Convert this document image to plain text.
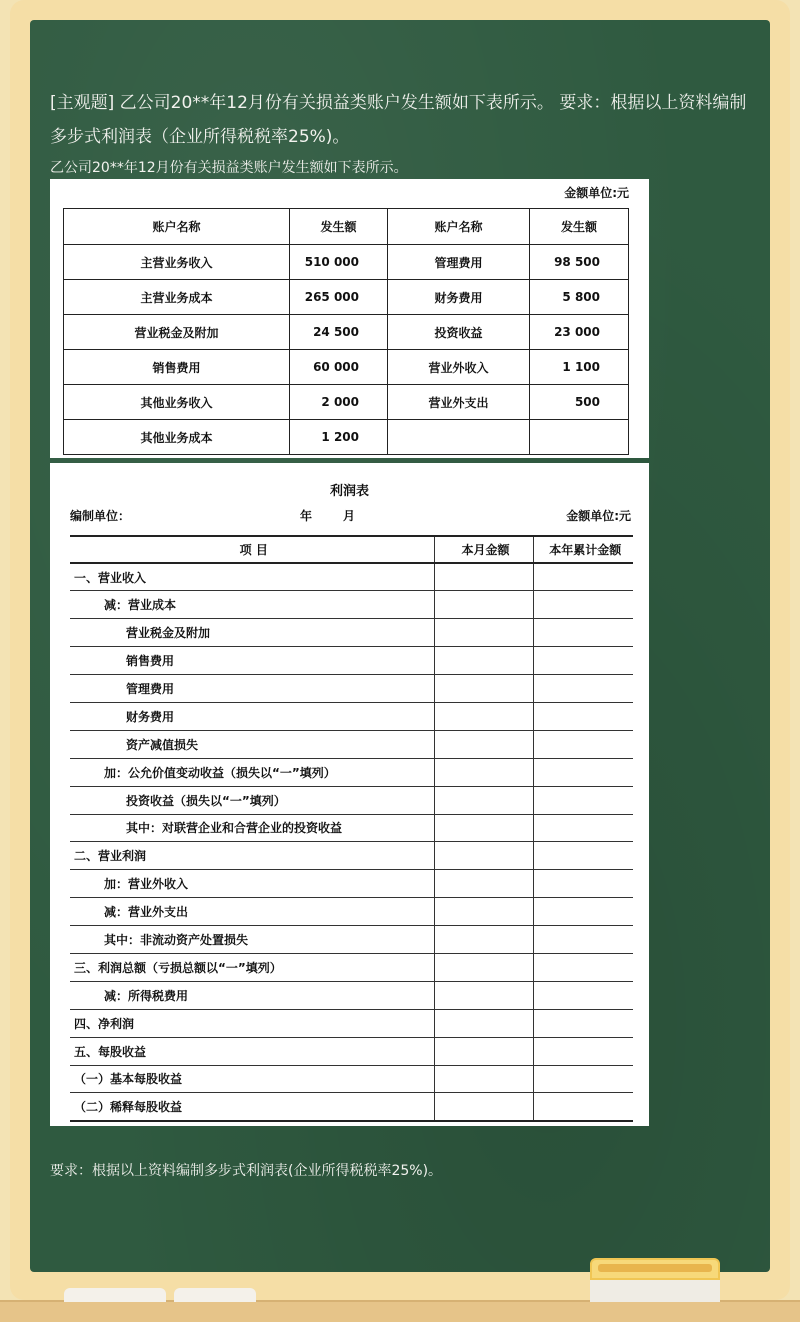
[主观题] 乙公司20**年12月份有关损益类账户发生额如下表所示。 要求：根据以上资料编制多步式利润表（企业所得税税率25%)。
乙公司20**年12月份有关损益类账户发生额如下表所示。
金额单位:元
账户名称	发生额	账户名称	发生额
主营业务收入	510 000	管理费用	98 500
主营业务成本	265 000	财务费用	5 800
营业税金及附加	24 500	投资收益	23 000
销售费用	60 000	营业外收入	1 100
其他业务收入	2 000	营业外支出	500
其他业务成本	1 200		
利润表
编制单位：	年	月	金额单位:元
项 目	本月金额	本年累计金额
一、营业收入		
减：营业成本		
营业税金及附加		
销售费用		
管理费用		
财务费用		
资产减值损失		
加：公允价值变动收益（损失以“一”填列）		
投资收益（损失以“一”填列）		
其中：对联营企业和合营企业的投资收益		
二、营业利润		
加：营业外收入		
减：营业外支出		
其中：非流动资产处置损失		
三、利润总额（亏损总额以“一”填列）		
减：所得税费用		
四、净利润		
五、每股收益		
（一）基本每股收益		
（二）稀释每股收益		
要求：根据以上资料编制多步式利润表(企业所得税税率25%)。
